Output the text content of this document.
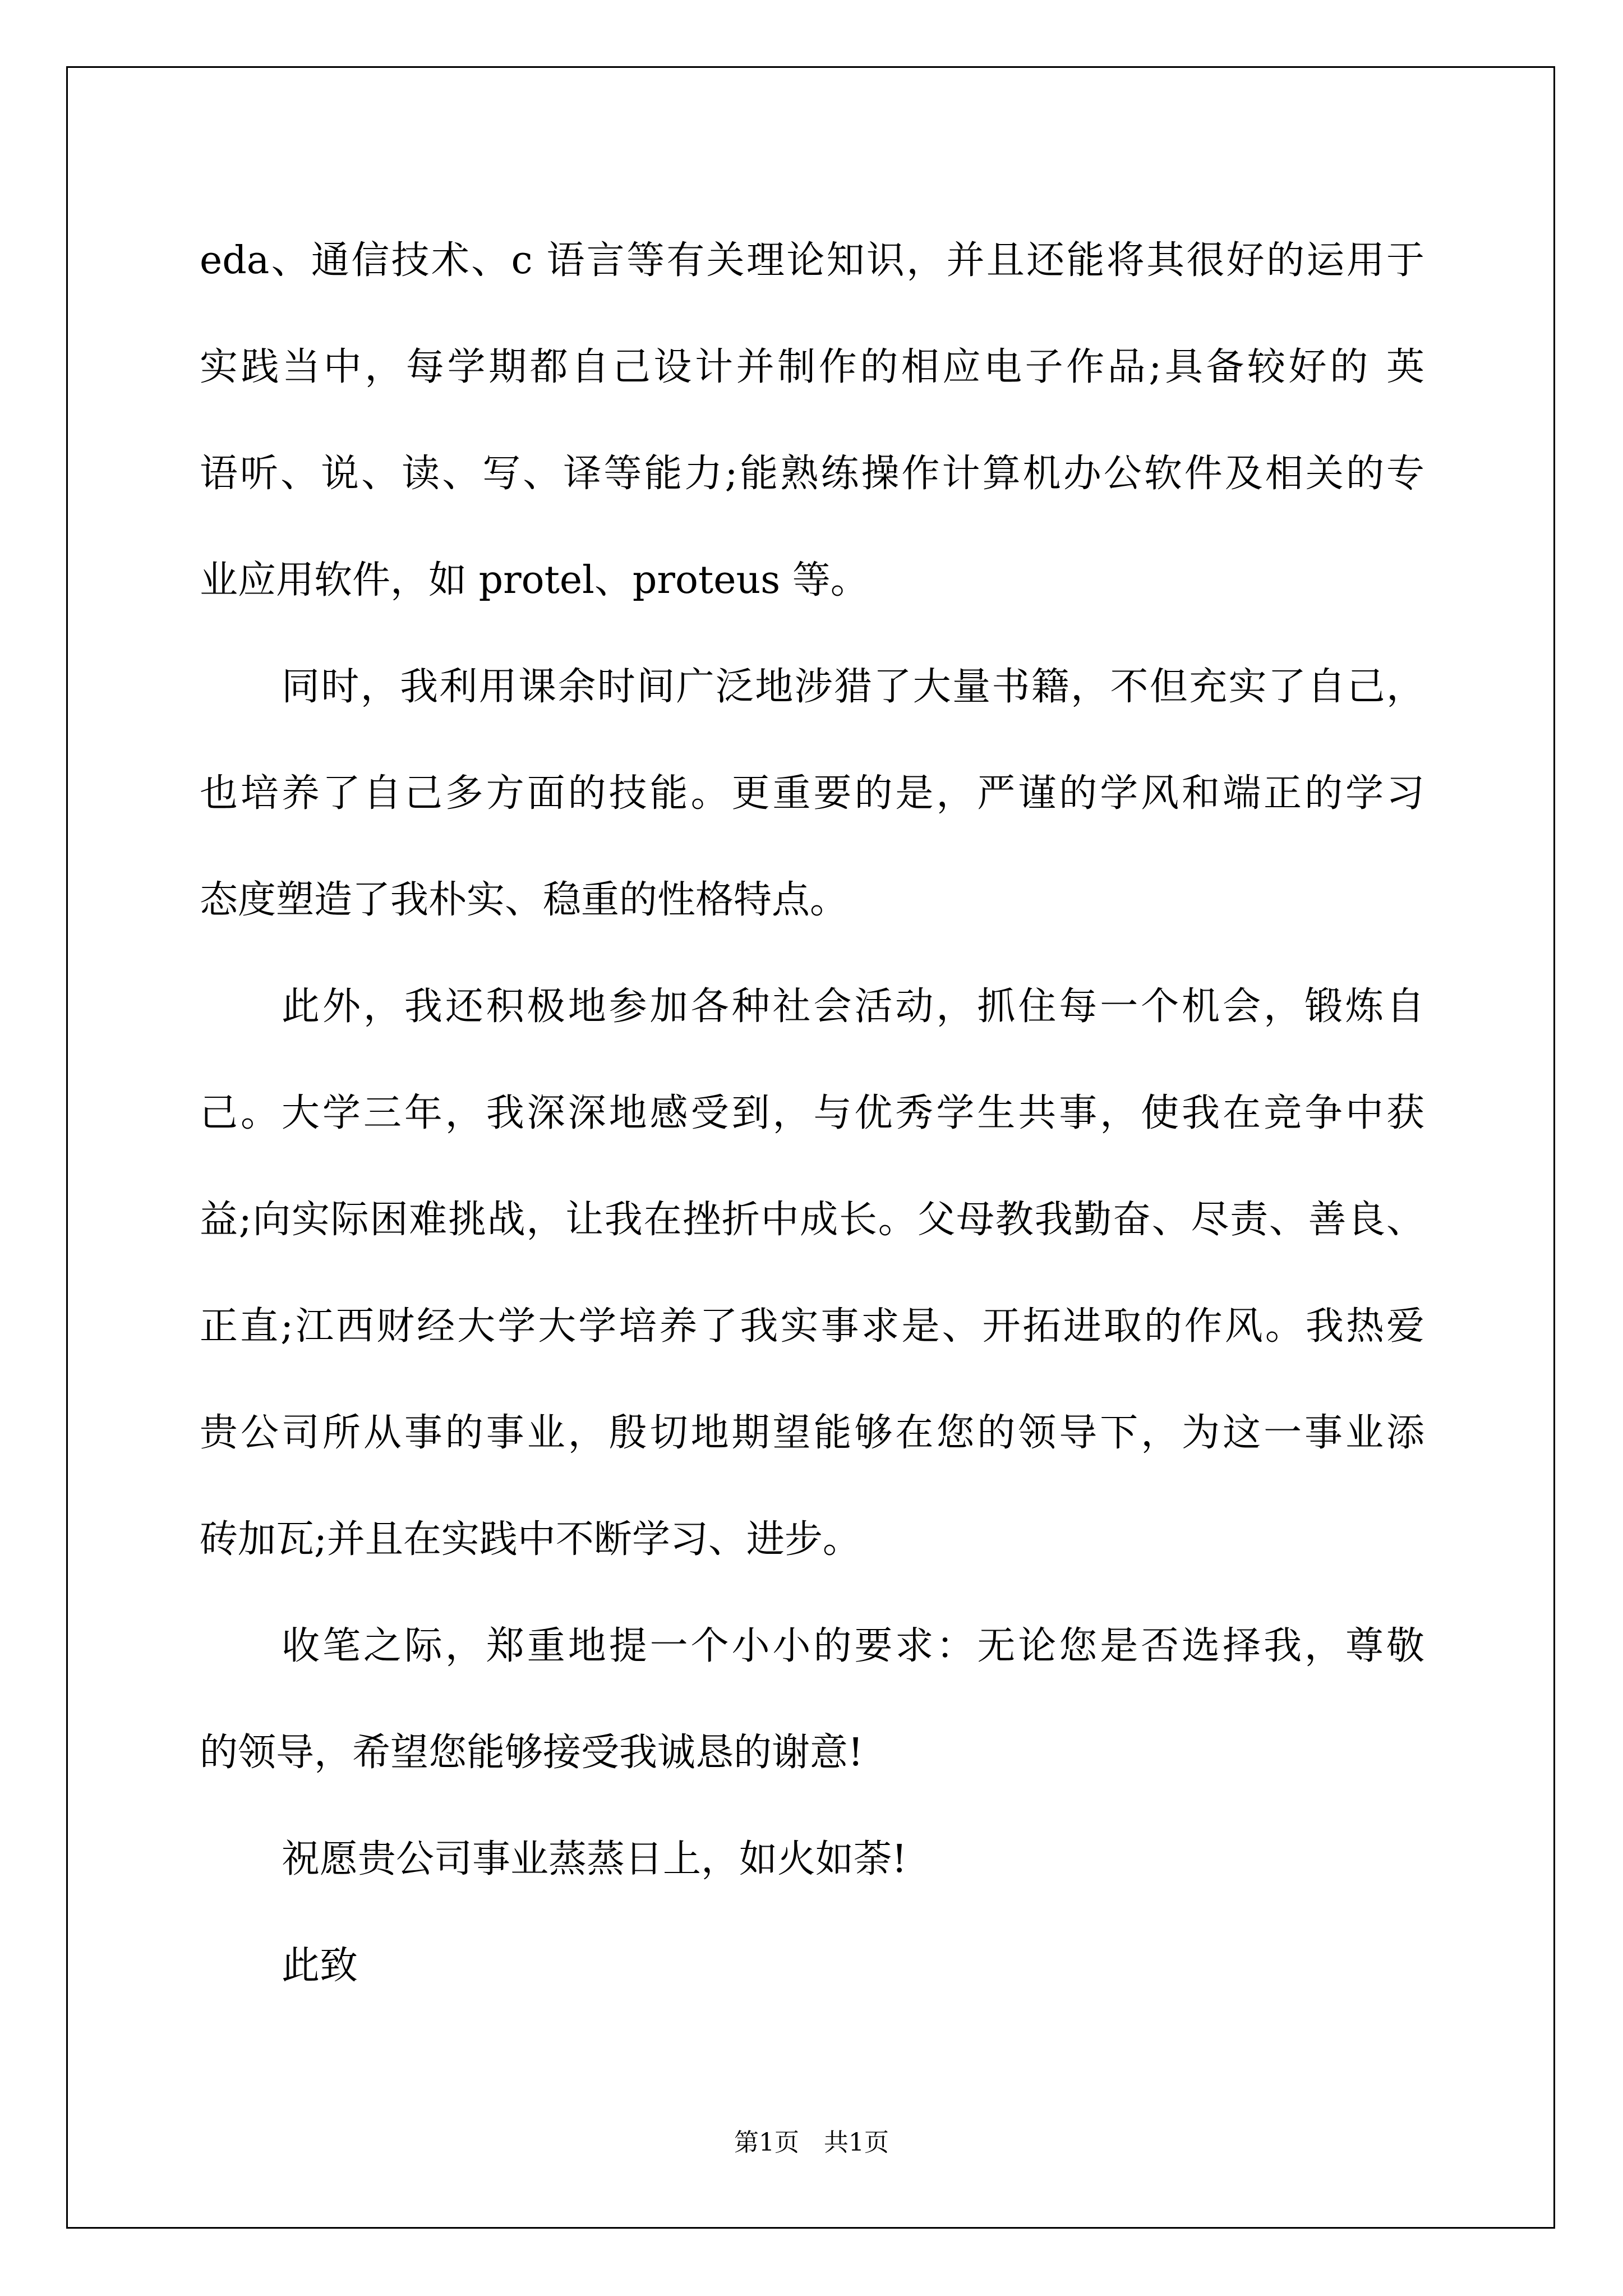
eda、通信技术、c 语言等有关理论知识，并且还能将其很好的运用于
实践当中，每学期都自己设计并制作的相应电子作品;具备较好的 英
语听、说、读、写、译等能力;能熟练操作计算机办公软件及相关的专
业应用软件，如 protel、proteus 等。
同时，我利用课余时间广泛地涉猎了大量书籍，不但充实了自己，
也培养了自己多方面的技能。更重要的是，严谨的学风和端正的学习
态度塑造了我朴实、稳重的性格特点。
此外，我还积极地参加各种社会活动，抓住每一个机会，锻炼自
己。大学三年，我深深地感受到，与优秀学生共事，使我在竞争中获
益;向实际困难挑战，让我在挫折中成长。父母教我勤奋、尽责、善良、
正直;江西财经大学大学培养了我实事求是、开拓进取的作风。我热爱
贵公司所从事的事业，殷切地期望能够在您的领导下，为这一事业添
砖加瓦;并且在实践中不断学习、进步。
收笔之际，郑重地提一个小小的要求：无论您是否选择我，尊敬
的领导，希望您能够接受我诚恳的谢意!
祝愿贵公司事业蒸蒸日上，如火如荼!
此致
第1页　共1页
